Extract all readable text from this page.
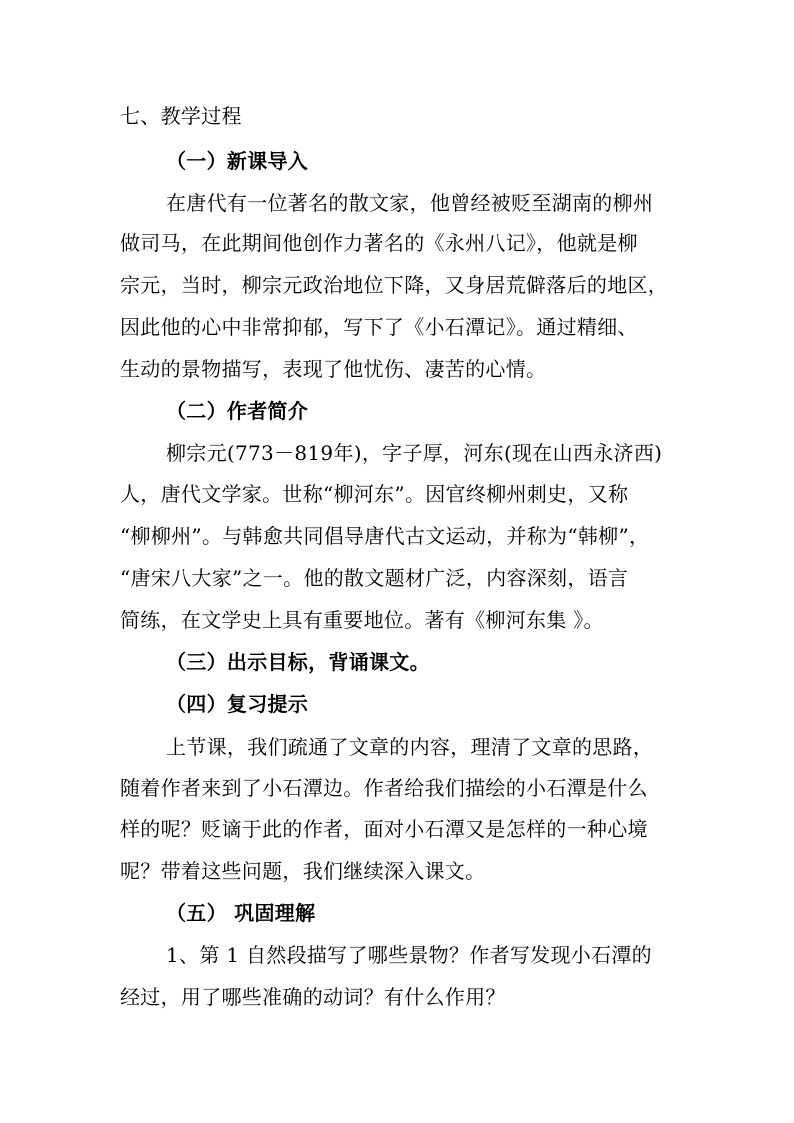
七、教学过程
（一）新课导入
在唐代有一位著名的散文家，他曾经被贬至湖南的柳州
做司马，在此期间他创作力著名的《永州八记》，他就是柳
宗元，当时，柳宗元政治地位下降，又身居荒僻落后的地区，
因此他的心中非常抑郁，写下了《小石潭记》。通过精细、
生动的景物描写，表现了他忧伤、凄苦的心情。
（二）作者简介
柳宗元(773－819年)，字子厚，河东(现在山西永济西)
人，唐代文学家。世称“柳河东”。因官终柳州刺史，又称
“柳柳州”。与韩愈共同倡导唐代古文运动，并称为“韩柳”，
“唐宋八大家”之一。他的散文题材广泛，内容深刻，语言
简练，在文学史上具有重要地位。著有《柳河东集 》。
（三）出示目标，背诵课文。
（四）复习提示
上节课，我们疏通了文章的内容，理清了文章的思路，
随着作者来到了小石潭边。作者给我们描绘的小石潭是什么
样的呢？贬谪于此的作者，面对小石潭又是怎样的一种心境
呢？带着这些问题，我们继续深入课文。
（五） 巩固理解
1、第 1 自然段描写了哪些景物？作者写发现小石潭的
经过，用了哪些准确的动词？有什么作用？
